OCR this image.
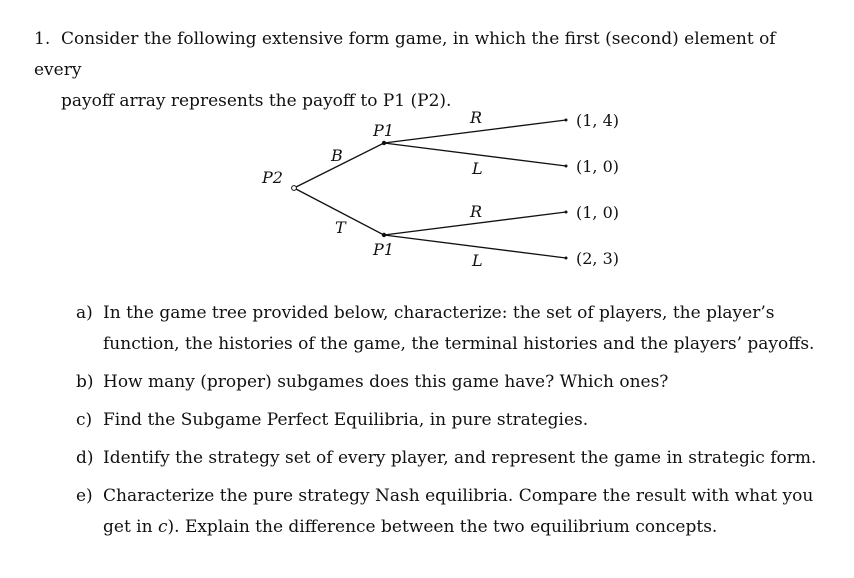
1. Consider the following extensive form game, in which the first (second) element of every
payoff array represents the payoff to P1 (P2).
P2
P1
P1
B
T
R
L
R
L
(1, 4)
(1, 0)
(1, 0)
(2, 3)
a) In the game tree provided below, characterize: the set of players, the player’s function, the histories of the game, the terminal histories and the players’ payoffs.
b) How many (proper) subgames does this game have? Which ones?
c) Find the Subgame Perfect Equilibria, in pure strategies.
d) Identify the strategy set of every player, and represent the game in strategic form.
e) Characterize the pure strategy Nash equilibria. Compare the result with what you get in c). Explain the difference between the two equilibrium concepts.
